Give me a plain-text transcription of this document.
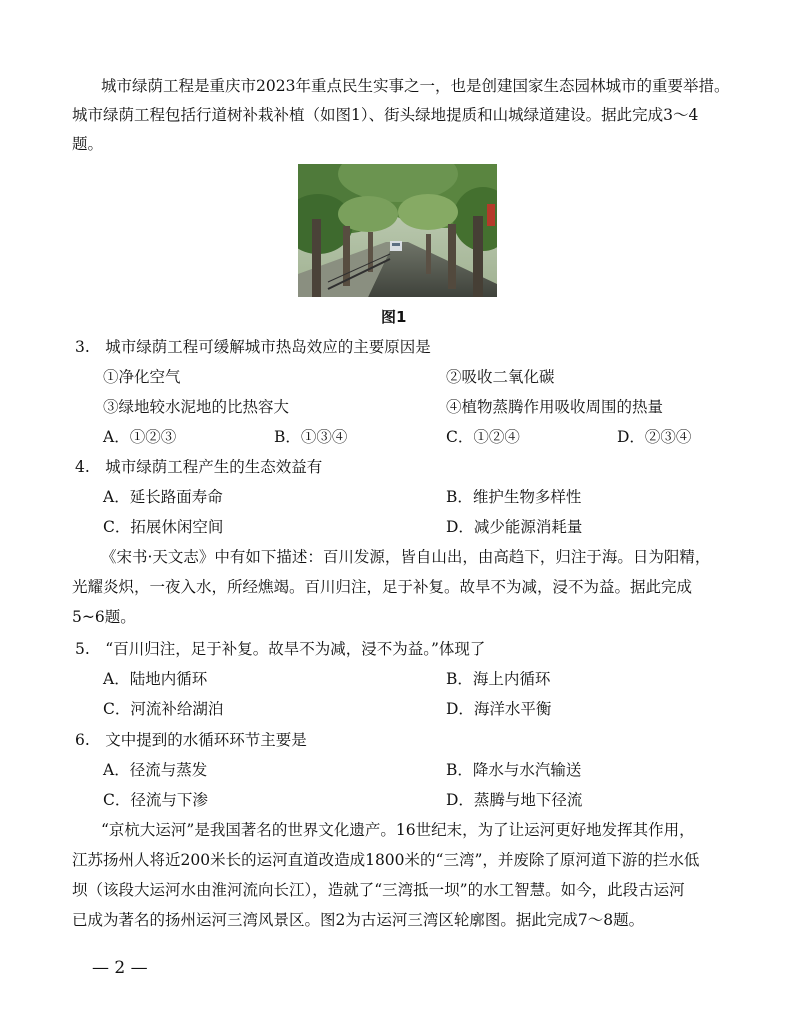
城市绿荫工程是重庆市2023年重点民生实事之一，也是创建国家生态园林城市的重要举措。
城市绿荫工程包括行道树补栽补植（如图1）、街头绿地提质和山城绿道建设。据此完成3～4
题。
图1
3.　城市绿荫工程可缓解城市热岛效应的主要原因是
①净化空气	②吸收二氧化碳
③绿地较水泥地的比热容大	④植物蒸腾作用吸收周围的热量
A．①②③	B．①③④	C．①②④	D．②③④
4.　城市绿荫工程产生的生态效益有
A．延长路面寿命	B．维护生物多样性
C．拓展休闲空间	D．减少能源消耗量
《宋书·天文志》中有如下描述：百川发源，皆自山出，由高趋下，归注于海。日为阳精，
光耀炎炽，一夜入水，所经燋竭。百川归注，足于补复。故旱不为减，浸不为益。据此完成
5~6题。
5.　“百川归注，足于补复。故旱不为减，浸不为益。”体现了
A．陆地内循环	B．海上内循环
C．河流补给湖泊	D．海洋水平衡
6.　文中提到的水循环环节主要是
A．径流与蒸发	B．降水与水汽输送
C．径流与下渗	D．蒸腾与地下径流
“京杭大运河”是我国著名的世界文化遗产。16世纪末，为了让运河更好地发挥其作用，
江苏扬州人将近200米长的运河直道改造成1800米的“三湾”，并废除了原河道下游的拦水低
坝（该段大运河水由淮河流向长江），造就了“三湾抵一坝”的水工智慧。如今，此段古运河
已成为著名的扬州运河三湾风景区。图2为古运河三湾区轮廓图。据此完成7～8题。
— 2 —
